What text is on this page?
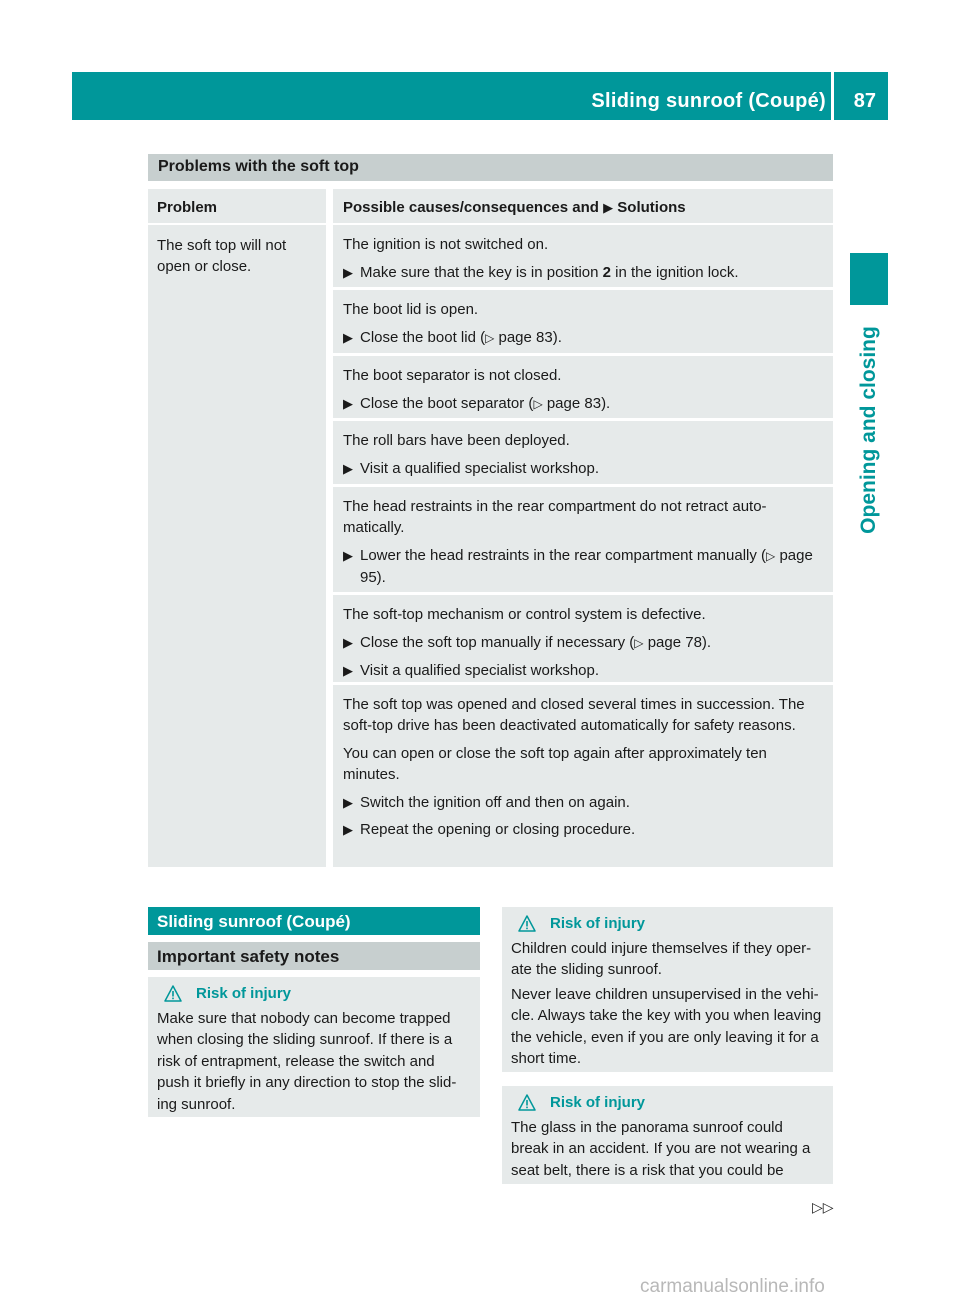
Sliding sunroof (Coupé) 87
Opening and closing
Problems with the soft top
Problem	Possible causes/consequences and ▶ Solutions
The soft top will not open or close.

The ignition is not switched on.

▶ Make sure that the key is in position 2 in the ignition lock.

The boot lid is open.

▶ Close the boot lid (▷ page 83).

The boot separator is not closed.

▶ Close the boot separator (▷ page 83).

The roll bars have been deployed.

▶ Visit a qualified specialist workshop.

The head restraints in the rear compartment do not retract auto-matically.

▶ Lower the head restraints in the rear compartment manually (▷ page 95).

The soft-top mechanism or control system is defective.

▶ Close the soft top manually if necessary (▷ page 78).
▶ Visit a qualified specialist workshop.

The soft top was opened and closed several times in succession. The soft-top drive has been deactivated automatically for safety reasons.

You can open or close the soft top again after approximately ten minutes.

▶ Switch the ignition off and then on again.
▶ Repeat the opening or closing procedure.
Sliding sunroof (Coupé)
Important safety notes
Risk of injury

Make sure that nobody can become trapped when closing the sliding sunroof. If there is a risk of entrapment, release the switch and push it briefly in any direction to stop the slid-ing sunroof.

Risk of injury

Children could injure themselves if they oper-ate the sliding sunroof.

Never leave children unsupervised in the vehi-cle. Always take the key with you when leaving the vehicle, even if you are only leaving it for a short time.

Risk of injury

The glass in the panorama sunroof could break in an accident. If you are not wearing a seat belt, there is a risk that you could be

▷▷
carmanualsonline.info
